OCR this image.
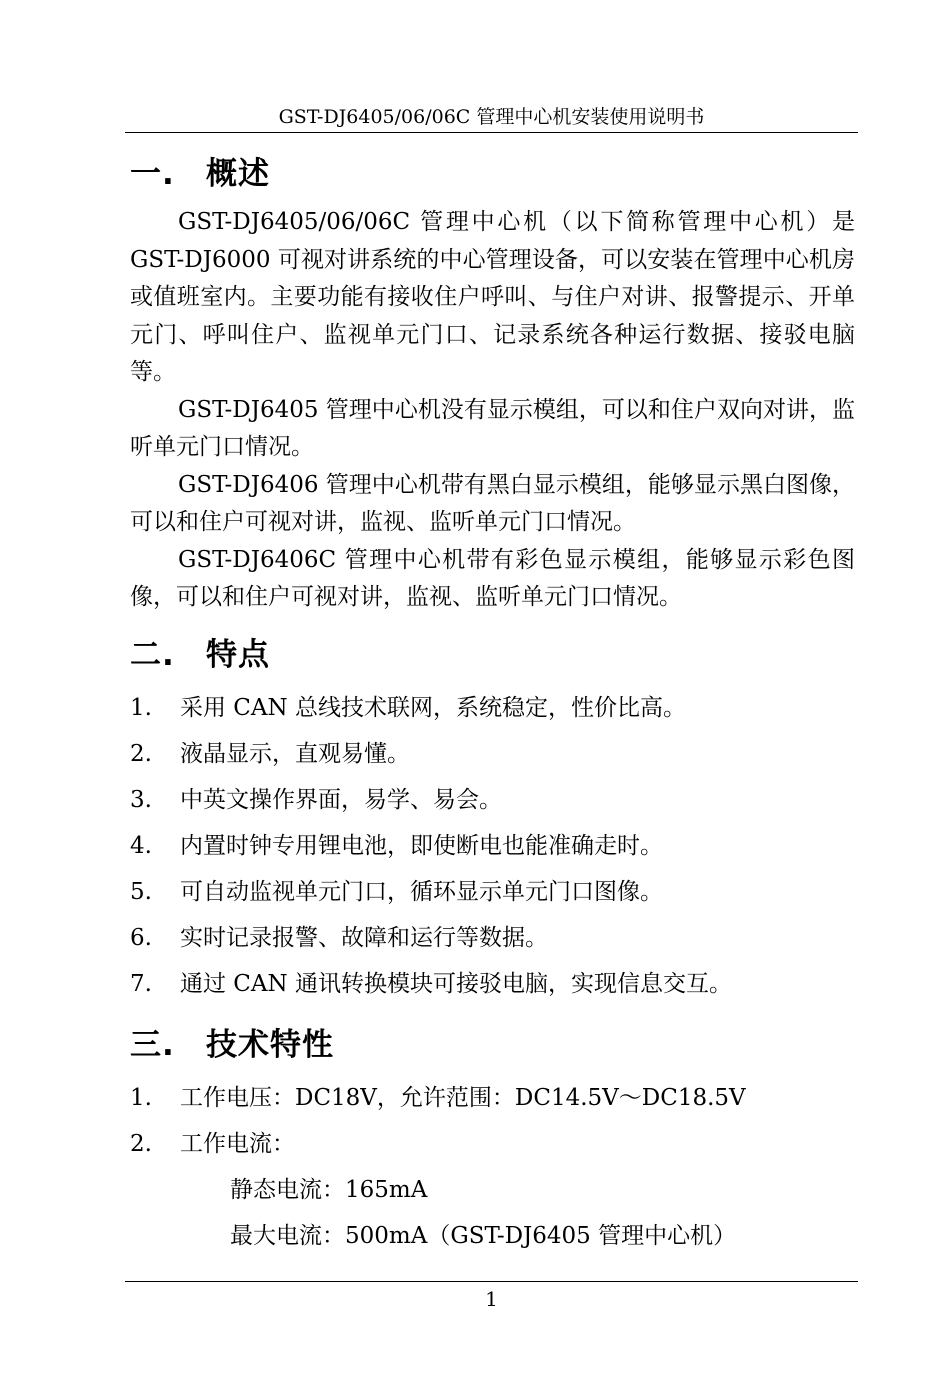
GST-DJ6405/06/06C 管理中心机安装使用说明书
一. 概述

GST-DJ6405/06/06C 管理中心机（以下简称管理中心机）是GST-DJ6000 可视对讲系统的中心管理设备，可以安装在管理中心机房或值班室内。主要功能有接收住户呼叫、与住户对讲、报警提示、开单元门、呼叫住户、监视单元门口、记录系统各种运行数据、接驳电脑等。

GST-DJ6405 管理中心机没有显示模组，可以和住户双向对讲，监听单元门口情况。

GST-DJ6406 管理中心机带有黑白显示模组，能够显示黑白图像，可以和住户可视对讲，监视、监听单元门口情况。

GST-DJ6406C 管理中心机带有彩色显示模组，能够显示彩色图像，可以和住户可视对讲，监视、监听单元门口情况。

二. 特点
1. 采用 CAN 总线技术联网，系统稳定，性价比高。
2. 液晶显示，直观易懂。
3. 中英文操作界面，易学、易会。
4. 内置时钟专用锂电池，即使断电也能准确走时。
5. 可自动监视单元门口，循环显示单元门口图像。
6. 实时记录报警、故障和运行等数据。
7. 通过 CAN 通讯转换模块可接驳电脑，实现信息交互。
三. 技术特性
1. 工作电压：DC18V，允许范围：DC14.5V～DC18.5V
2. 工作电流：
静态电流：165mA
最大电流：500mA（GST-DJ6405 管理中心机）
1
